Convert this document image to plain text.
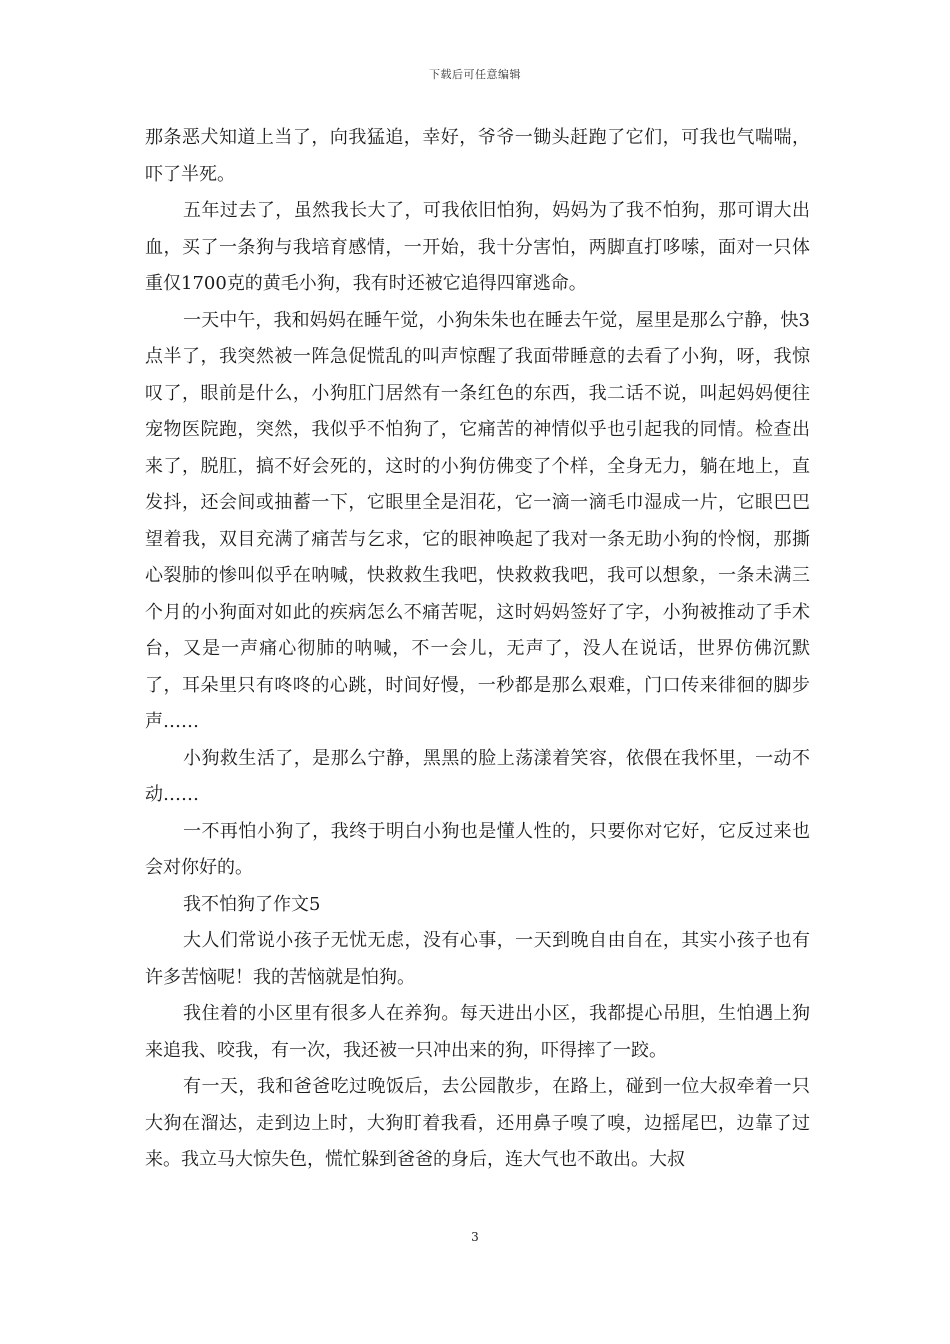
下载后可任意编辑

那条恶犬知道上当了，向我猛追，幸好，爷爷一锄头赶跑了它们，可我也气喘喘，吓了半死。

五年过去了，虽然我长大了，可我依旧怕狗，妈妈为了我不怕狗，那可谓大出血，买了一条狗与我培育感情，一开始，我十分害怕，两脚直打哆嗦，面对一只体重仅1700克的黄毛小狗，我有时还被它追得四窜逃命。

一天中午，我和妈妈在睡午觉，小狗朱朱也在睡去午觉，屋里是那么宁静，快3点半了，我突然被一阵急促慌乱的叫声惊醒了我面带睡意的去看了小狗，呀，我惊叹了，眼前是什么，小狗肛门居然有一条红色的东西，我二话不说，叫起妈妈便往宠物医院跑，突然，我似乎不怕狗了，它痛苦的神情似乎也引起我的同情。检查出来了，脱肛，搞不好会死的，这时的小狗仿佛变了个样，全身无力，躺在地上，直发抖，还会间或抽蓄一下，它眼里全是泪花，它一滴一滴毛巾湿成一片，它眼巴巴望着我，双目充满了痛苦与乞求，它的眼神唤起了我对一条无助小狗的怜悯，那撕心裂肺的惨叫似乎在呐喊，快救救生我吧，快救救我吧，我可以想象，一条未满三个月的小狗面对如此的疾病怎么不痛苦呢，这时妈妈签好了字，小狗被推动了手术台，又是一声痛心彻肺的呐喊，不一会儿，无声了，没人在说话，世界仿佛沉默了，耳朵里只有咚咚的心跳，时间好慢，一秒都是那么艰难，门口传来徘徊的脚步声……

小狗救生活了，是那么宁静，黑黑的脸上荡漾着笑容，依偎在我怀里，一动不动……

一不再怕小狗了，我终于明白小狗也是懂人性的，只要你对它好，它反过来也会对你好的。

我不怕狗了作文5

大人们常说小孩子无忧无虑，没有心事，一天到晚自由自在，其实小孩子也有许多苦恼呢！我的苦恼就是怕狗。

我住着的小区里有很多人在养狗。每天进出小区，我都提心吊胆，生怕遇上狗来追我、咬我，有一次，我还被一只冲出来的狗，吓得摔了一跤。

有一天，我和爸爸吃过晚饭后，去公园散步，在路上，碰到一位大叔牵着一只大狗在溜达，走到边上时，大狗盯着我看，还用鼻子嗅了嗅，边摇尾巴，边靠了过来。我立马大惊失色，慌忙躲到爸爸的身后，连大气也不敢出。大叔

3
